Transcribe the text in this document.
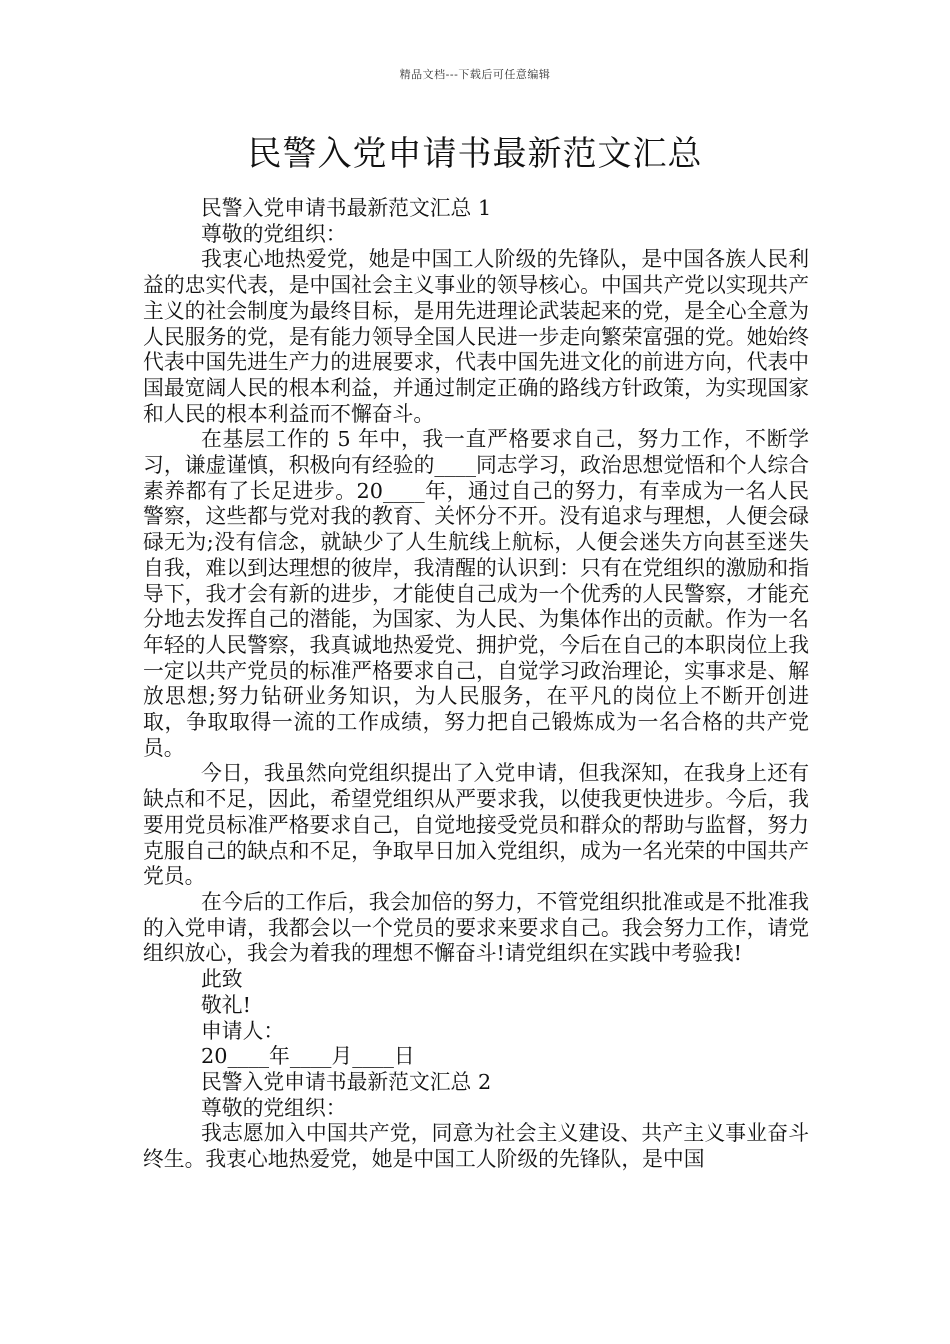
精品文档---下载后可任意编辑
民警入党申请书最新范文汇总

民警入党申请书最新范文汇总 1

尊敬的党组织：

我衷心地热爱党，她是中国工人阶级的先锋队，是中国各族人民利益的忠实代表，是中国社会主义事业的领导核心。中国共产党以实现共产主义的社会制度为最终目标，是用先进理论武装起来的党，是全心全意为人民服务的党，是有能力领导全国人民进一步走向繁荣富强的党。她始终代表中国先进生产力的进展要求，代表中国先进文化的前进方向，代表中国最宽阔人民的根本利益，并通过制定正确的路线方针政策，为实现国家和人民的根本利益而不懈奋斗。

在基层工作的 5 年中，我一直严格要求自己，努力工作，不断学习，谦虚谨慎，积极向有经验的____同志学习，政治思想觉悟和个人综合素养都有了长足进步。20____年，通过自己的努力，有幸成为一名人民警察，这些都与党对我的教育、关怀分不开。没有追求与理想，人便会碌碌无为;没有信念，就缺少了人生航线上航标，人便会迷失方向甚至迷失自我，难以到达理想的彼岸，我清醒的认识到：只有在党组织的激励和指导下，我才会有新的进步，才能使自己成为一个优秀的人民警察，才能充分地去发挥自己的潜能，为国家、为人民、为集体作出的贡献。作为一名年轻的人民警察，我真诚地热爱党、拥护党，今后在自己的本职岗位上我一定以共产党员的标准严格要求自己，自觉学习政治理论，实事求是、解放思想;努力钻研业务知识，为人民服务，在平凡的岗位上不断开创进取，争取取得一流的工作成绩，努力把自己锻炼成为一名合格的共产党员。

今日，我虽然向党组织提出了入党申请，但我深知，在我身上还有缺点和不足，因此，希望党组织从严要求我，以使我更快进步。今后，我要用党员标准严格要求自己，自觉地接受党员和群众的帮助与监督，努力克服自己的缺点和不足，争取早日加入党组织，成为一名光荣的中国共产党员。

在今后的工作后，我会加倍的努力，不管党组织批准或是不批准我的入党申请，我都会以一个党员的要求来要求自己。我会努力工作，请党组织放心，我会为着我的理想不懈奋斗!请党组织在实践中考验我!

此致

敬礼!

申请人：

20____年____月____日

民警入党申请书最新范文汇总 2

尊敬的党组织：

我志愿加入中国共产党，同意为社会主义建设、共产主义事业奋斗终生。我衷心地热爱党，她是中国工人阶级的先锋队，是中国
